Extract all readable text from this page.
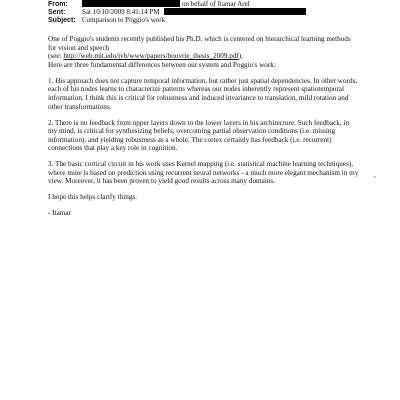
From:	on behalf of Itamar Arel
Sent: Sat 10/10/2009 8:41:14 PM
Subject: Comparison to Poggio's work

One of Poggio's students recently published his Ph.D. which is centered on hierarchical learning methods for vision and speech
(see: http://web.mit.edu/jvb/www/papers/bouvrie_thesis_2009.pdf).
Here are three fundamental differences between our system and Poggio's work:

1. His approach does not capture temporal information, but rather just spatial dependencies. In other words, each of his nodes learns to characterize patterns whereas our nodes inherently represent spatiotemporal information. I think this is critical for robustness and induced invariance to translation, mild rotation and other transformations.

2. There is no feedback from upper layers down to the lower layers in his architecture. Such feedback, in my mind, is critical for synthesizing beliefs, overcoming partial observation conditions (i.e. missing information), and yielding robustness as a whole. The cortex certainly has feedback (i.e. recurrent) connections that play a key role in cognition.

3. The basic cortical circuit in his work uses Kernel mapping (i.e. statistical machine learning techniques), where mine is based on prediction using recurrent neural networks - a much more elegant mechanism in my view. Moreover, it has been proven to yield good results across many domains.

I hope this helps clarify things.

- Itamar

,
